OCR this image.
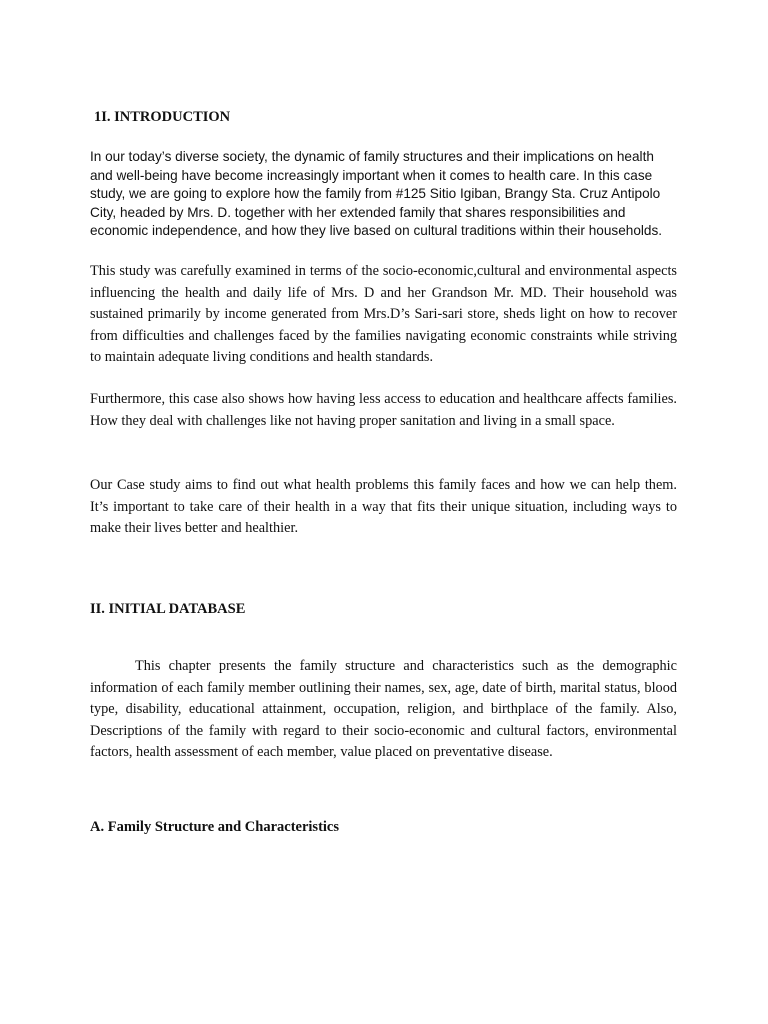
1I. INTRODUCTION

In our today’s diverse society, the dynamic of family structures and their implications on health and well-being have become increasingly important when it comes to health care. In this case study, we are going to explore how the family from #125 Sitio Igiban, Brangy Sta. Cruz Antipolo City, headed by Mrs. D. together with her extended family that shares responsibilities and economic independence, and how they live based on cultural traditions within their households.

This study was carefully examined in terms of the socio-economic,cultural and environmental aspects influencing the health and daily life of Mrs. D and her Grandson Mr. MD. Their household was sustained primarily by income generated from Mrs.D’s Sari-sari store, sheds light on how to recover from difficulties and challenges faced by the families navigating economic constraints while striving to maintain adequate living conditions and health standards.

Furthermore, this case also shows how having less access to education and healthcare affects families. How they deal with challenges like not having proper sanitation and living in a small space.

Our Case study aims to find out what health problems this family faces and how we can help them. It’s important to take care of their health in a way that fits their unique situation, including ways to make their lives better and healthier.

II. INITIAL DATABASE

This chapter presents the family structure and characteristics such as the demographic information of each family member outlining their names, sex, age, date of birth, marital status, blood type, disability, educational attainment, occupation, religion, and birthplace of the family. Also, Descriptions of the family with regard to their socio-economic and cultural factors, environmental factors, health assessment of each member, value placed on preventative disease.

A. Family Structure and Characteristics
